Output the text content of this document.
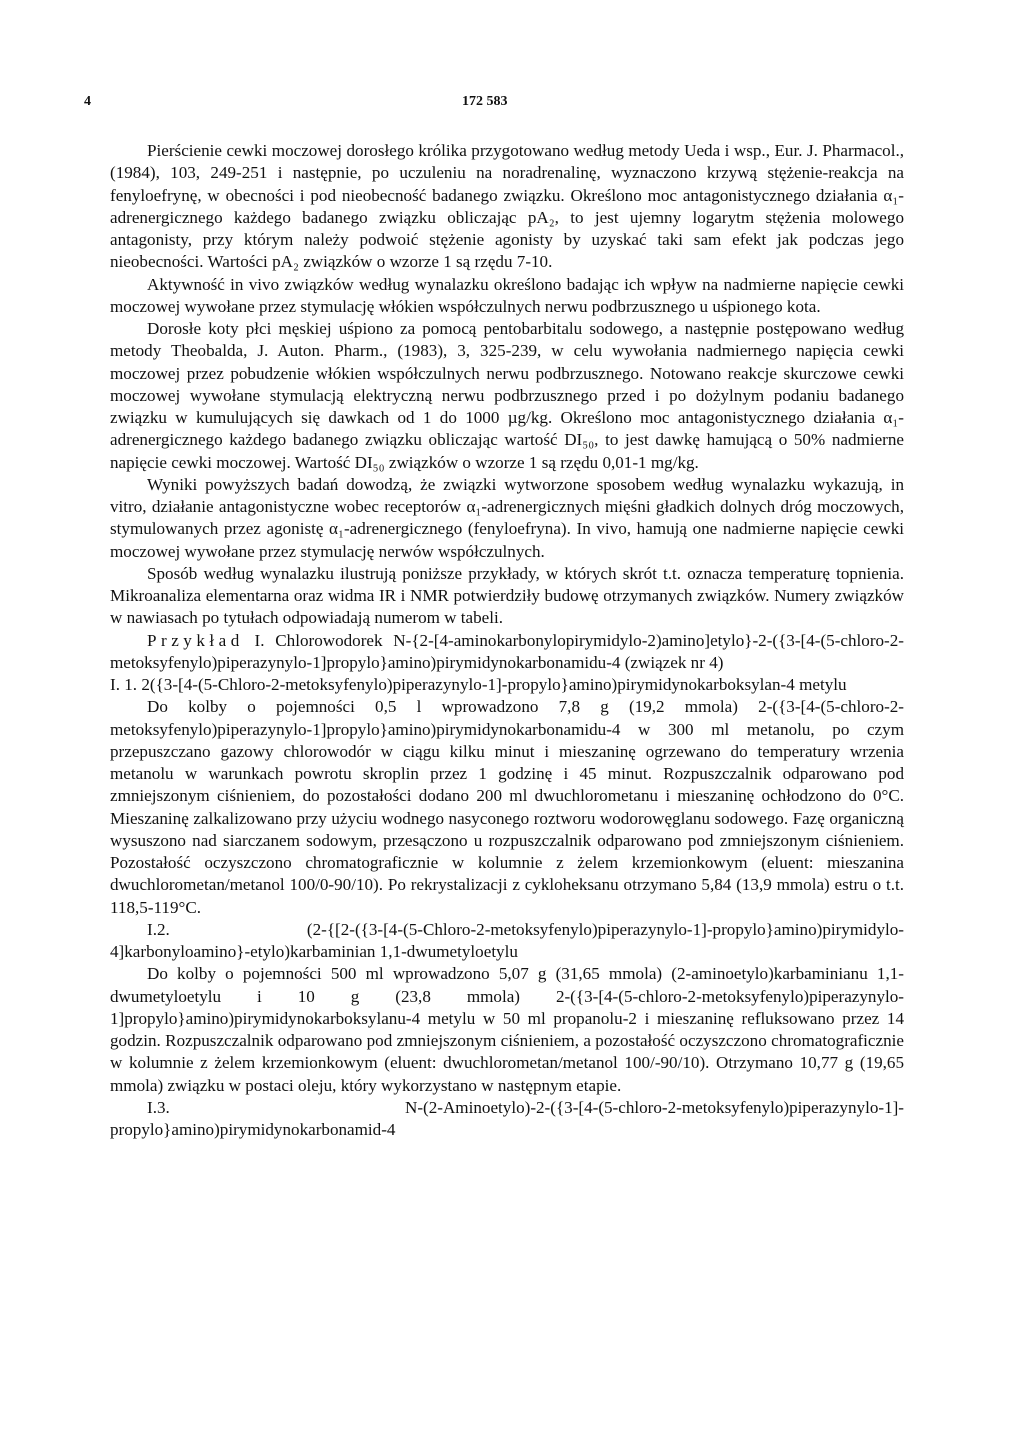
4	172 583

Pierścienie cewki moczowej dorosłego królika przygotowano według metody Ueda i wsp., Eur. J. Pharmacol., (1984), 103, 249-251 i następnie, po uczuleniu na noradrenalinę, wyznaczono krzywą stężenie-reakcja na fenyloefrynę, w obecności i pod nieobecność badanego związku. Określono moc antagonistycznego działania α₁-adrenergicznego każdego badanego związku obliczając pA₂, to jest ujemny logarytm stężenia molowego antagonisty, przy którym należy podwoić stężenie agonisty by uzyskać taki sam efekt jak podczas jego nieobecności. Wartości pA₂ związków o wzorze 1 są rzędu 7-10.

Aktywność in vivo związków według wynalazku określono badając ich wpływ na nadmierne napięcie cewki moczowej wywołane przez stymulację włókien współczulnych nerwu podbrzusznego u uśpionego kota.

Dorosłe koty płci męskiej uśpiono za pomocą pentobarbitalu sodowego, a następnie postępowano według metody Theobalda, J. Auton. Pharm., (1983), 3, 325-239, w celu wywołania nadmiernego napięcia cewki moczowej przez pobudzenie włókien współczulnych nerwu podbrzusznego. Notowano reakcje skurczowe cewki moczowej wywołane stymulacją elektryczną nerwu podbrzusznego przed i po dożylnym podaniu badanego związku w kumulujących się dawkach od 1 do 1000 µg/kg. Określono moc antagonistycznego działania α₁-adrenergicznego każdego badanego związku obliczając wartość DI₅₀, to jest dawkę hamującą o 50% nadmierne napięcie cewki moczowej. Wartość DI₅₀ związków o wzorze 1 są rzędu 0,01-1 mg/kg.

Wyniki powyższych badań dowodzą, że związki wytworzone sposobem według wynalazku wykazują, in vitro, działanie antagonistyczne wobec receptorów α₁-adrenergicznych mięśni gładkich dolnych dróg moczowych, stymulowanych przez agonistę α₁-adrenergicznego (fenyloefryna). In vivo, hamują one nadmierne napięcie cewki moczowej wywołane przez stymulację nerwów współczulnych.

Sposób według wynalazku ilustrują poniższe przykłady, w których skrót t.t. oznacza temperaturę topnienia. Mikroanaliza elementarna oraz widma IR i NMR potwierdziły budowę otrzymanych związków. Numery związków w nawiasach po tytułach odpowiadają numerom w tabeli.

Przykład I. Chlorowodorek N-{2-[4-aminokarbonylopirymidylo-2)amino]etylo}-2-({3-[4-(5-chloro-2-metoksyfenylo)piperazynylo-1]propylo}amino)pirymidynokarbonamidu-4 (związek nr 4)

I. 1. 2({3-[4-(5-Chloro-2-metoksyfenylo)piperazynylo-1]-propylo}amino)pirymidynokarboksylan-4 metylu

Do kolby o pojemności 0,5 l wprowadzono 7,8 g (19,2 mmola) 2-({3-[4-(5-chloro-2-metoksyfenylo)piperazynylo-1]propylo}amino)pirymidynokarbonamidu-4 w 300 ml metanolu, po czym przepuszczano gazowy chlorowodór w ciągu kilku minut i mieszaninę ogrzewano do temperatury wrzenia metanolu w warunkach powrotu skroplin przez 1 godzinę i 45 minut. Rozpuszczalnik odparowano pod zmniejszonym ciśnieniem, do pozostałości dodano 200 ml dwuchlorometanu i mieszaninę ochłodzono do 0°C. Mieszaninę zalkalizowano przy użyciu wodnego nasyconego roztworu wodorowęglanu sodowego. Fazę organiczną wysuszono nad siarczanem sodowym, przesączono u rozpuszczalnik odparowano pod zmniejszonym ciśnieniem. Pozostałość oczyszczono chromatograficznie w kolumnie z żelem krzemionkowym (eluent: mieszanina dwuchlorometan/metanol 100/0-90/10). Po rekrystalizacji z cykloheksanu otrzymano 5,84 (13,9 mmola) estru o t.t. 118,5-119°C.

I.2. (2-{[2-({3-[4-(5-Chloro-2-metoksyfenylo)piperazynylo-1]-propylo}amino)pirymidylo-4]karbonyloamino}-etylo)karbaminian 1,1-dwumetyloetylu

Do kolby o pojemności 500 ml wprowadzono 5,07 g (31,65 mmola) (2-aminoetylo)karbaminianu 1,1-dwumetyloetylu i 10 g (23,8 mmola) 2-({3-[4-(5-chloro-2-metoksyfenylo)piperazynylo-1]propylo}amino)pirymidynokarboksylanu-4 metylu w 50 ml propanolu-2 i mieszaninę refluksowano przez 14 godzin. Rozpuszczalnik odparowano pod zmniejszonym ciśnieniem, a pozostałość oczyszczono chromatograficznie w kolumnie z żelem krzemionkowym (eluent: dwuchlorometan/metanol 100/-90/10). Otrzymano 10,77 g (19,65 mmola) związku w postaci oleju, który wykorzystano w następnym etapie.

I.3. N-(2-Aminoetylo)-2-({3-[4-(5-chloro-2-metoksyfenylo)piperazynylo-1]-propylo}amino)pirymidynokarbonamid-4
